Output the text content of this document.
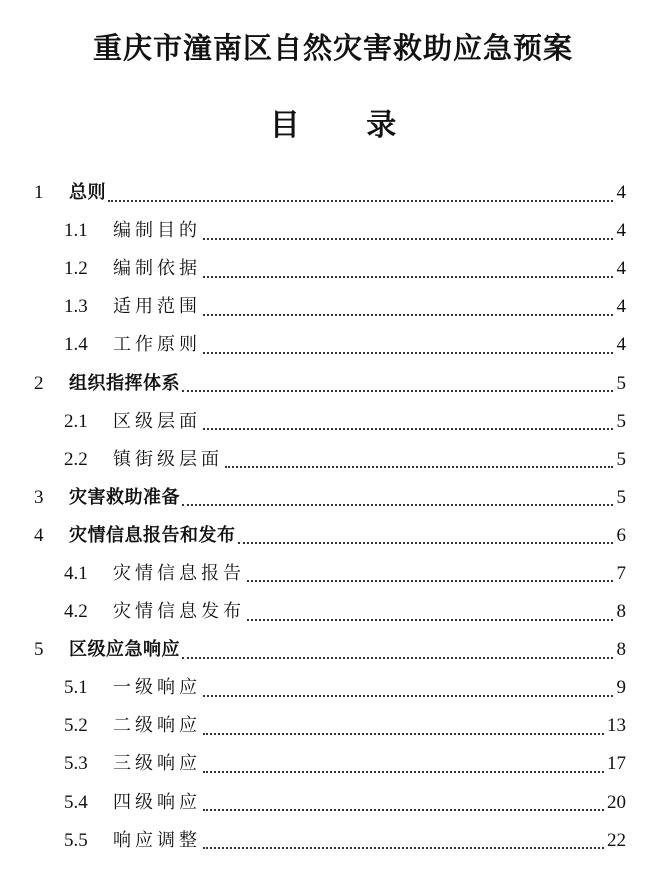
重庆市潼南区自然灾害救助应急预案
目 录
1	总则	4
1.1	编制目的	4
1.2	编制依据	4
1.3	适用范围	4
1.4	工作原则	4
2	组织指挥体系	5
2.1	区级层面	5
2.2	镇街级层面	5
3	灾害救助准备	5
4	灾情信息报告和发布	6
4.1	灾情信息报告	7
4.2	灾情信息发布	8
5	区级应急响应	8
5.1	一级响应	9
5.2	二级响应	13
5.3	三级响应	17
5.4	四级响应	20
5.5	响应调整	22
